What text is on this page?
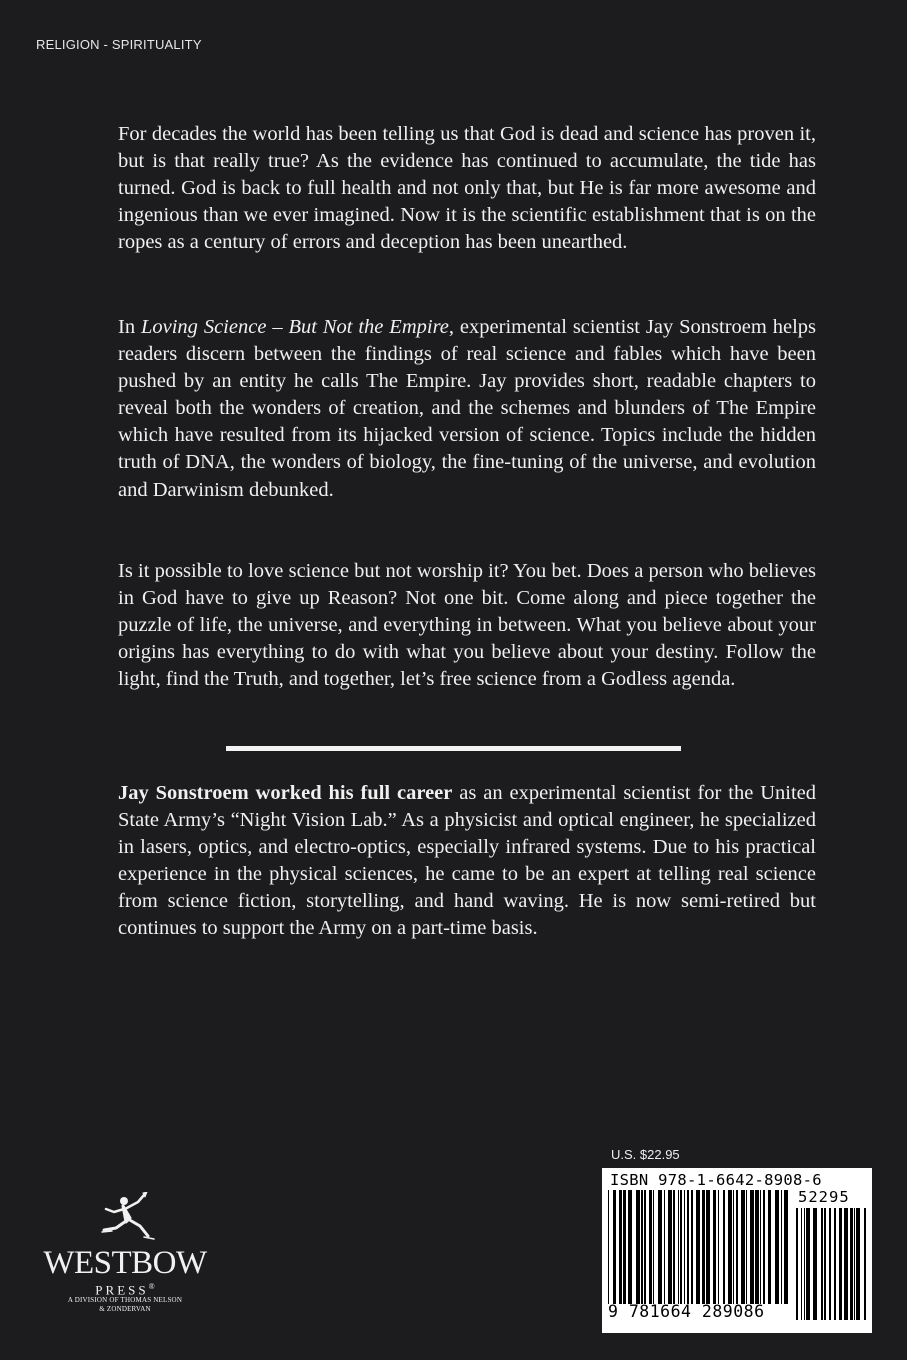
RELIGION - SPIRITUALITY

For decades the world has been telling us that God is dead and science has proven it, but is that really true? As the evidence has continued to accumulate, the tide has turned. God is back to full health and not only that, but He is far more awesome and ingenious than we ever imagined. Now it is the scientific establishment that is on the ropes as a century of errors and deception has been unearthed.

In Loving Science – But Not the Empire, experimental scientist Jay Sonstroem helps readers discern between the findings of real science and fables which have been pushed by an entity he calls The Empire. Jay provides short, readable chapters to reveal both the wonders of creation, and the schemes and blunders of The Empire which have resulted from its hijacked version of science. Topics include the hidden truth of DNA, the wonders of biology, the fine-tuning of the universe, and evolution and Darwinism debunked.

Is it possible to love science but not worship it? You bet. Does a person who believes in God have to give up Reason? Not one bit. Come along and piece together the puzzle of life, the universe, and everything in between. What you believe about your origins has everything to do with what you believe about your destiny. Follow the light, find the Truth, and together, let’s free science from a Godless agenda.

Jay Sonstroem worked his full career as an experimental scientist for the United State Army’s “Night Vision Lab.” As a physicist and optical engineer, he specialized in lasers, optics, and electro-optics, especially infrared systems. Due to his practical experience in the physical sciences, he came to be an expert at telling real science from science fiction, storytelling, and hand waving. He is now semi-retired but continues to support the Army on a part-time basis.

WESTBOW
PRESS®
A DIVISION OF THOMAS NELSON
& ZONDERVAN
U.S. $22.95
ISBN 978-1-6642-8908-6
52295
9 781664 289086
